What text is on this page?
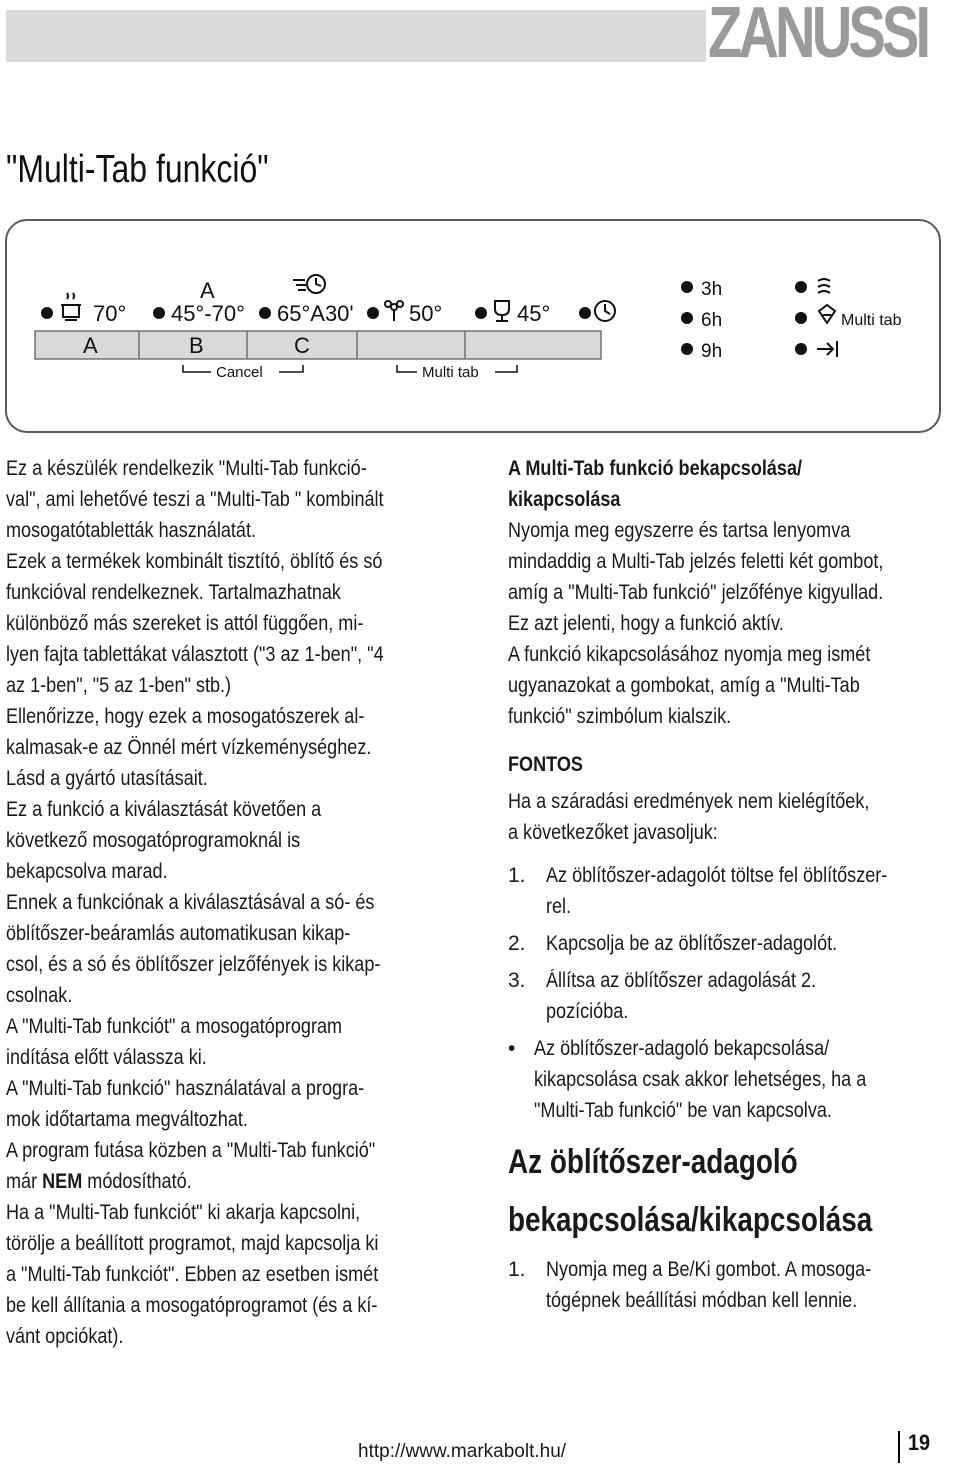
ZANUSSI
"Multi-Tab funkció"
A
70° 45°-70° 65°A30'	50°	45°
A	B	C
Cancel	Multi tab
3h
6h
9h
Multi tab

Ez a készülék rendelkezik "Multi-Tab funkció-

val", ami lehetővé teszi a "Multi-Tab " kombinált

mosogatótabletták használatát.

Ezek a termékek kombinált tisztító, öblítő és só

funkcióval rendelkeznek. Tartalmazhatnak

különböző más szereket is attól függően, mi-

lyen fajta tablettákat választott ("3 az 1-ben", "4

az 1-ben", "5 az 1-ben" stb.)

Ellenőrizze, hogy ezek a mosogatószerek al-

kalmasak-e az Önnél mért vízkeménységhez.

Lásd a gyártó utasításait.

Ez a funkció a kiválasztását követően a

következő mosogatóprogramoknál is

bekapcsolva marad.

Ennek a funkciónak a kiválasztásával a só- és

öblítőszer-beáramlás automatikusan kikap-

csol, és a só és öblítőszer jelzőfények is kikap-

csolnak.

A "Multi-Tab funkciót" a mosogatóprogram

indítása előtt válassza ki.

A "Multi-Tab funkció" használatával a progra-

mok időtartama megváltozhat.

A program futása közben a "Multi-Tab funkció"

már NEM módosítható.

Ha a "Multi-Tab funkciót" ki akarja kapcsolni,

törölje a beállított programot, majd kapcsolja ki

a "Multi-Tab funkciót". Ebben az esetben ismét

be kell állítania a mosogatóprogramot (és a kí-

vánt opciókat).

A Multi-Tab funkció bekapcsolása/

kikapcsolása

Nyomja meg egyszerre és tartsa lenyomva

mindaddig a Multi-Tab jelzés feletti két gombot,

amíg a "Multi-Tab funkció" jelzőfénye kigyullad.

Ez azt jelenti, hogy a funkció aktív.

A funkció kikapcsolásához nyomja meg ismét

ugyanazokat a gombokat, amíg a "Multi-Tab

funkció" szimbólum kialszik.

FONTOS

Ha a száradási eredmények nem kielégítőek,

a következőket javasoljuk:

1. Az öblítőszer-adagolót töltse fel öblítőszer-

rel.

2. Kapcsolja be az öblítőszer-adagolót.

3. Állítsa az öblítőszer adagolását 2.

pozícióba.

• Az öblítőszer-adagoló bekapcsolása/

kikapcsolása csak akkor lehetséges, ha a

"Multi-Tab funkció" be van kapcsolva.

Az öblítőszer-adagoló

bekapcsolása/kikapcsolása

1. Nyomja meg a Be/Ki gombot. A mosoga-

tógépnek beállítási módban kell lennie.

http://www.markabolt.hu/	19
